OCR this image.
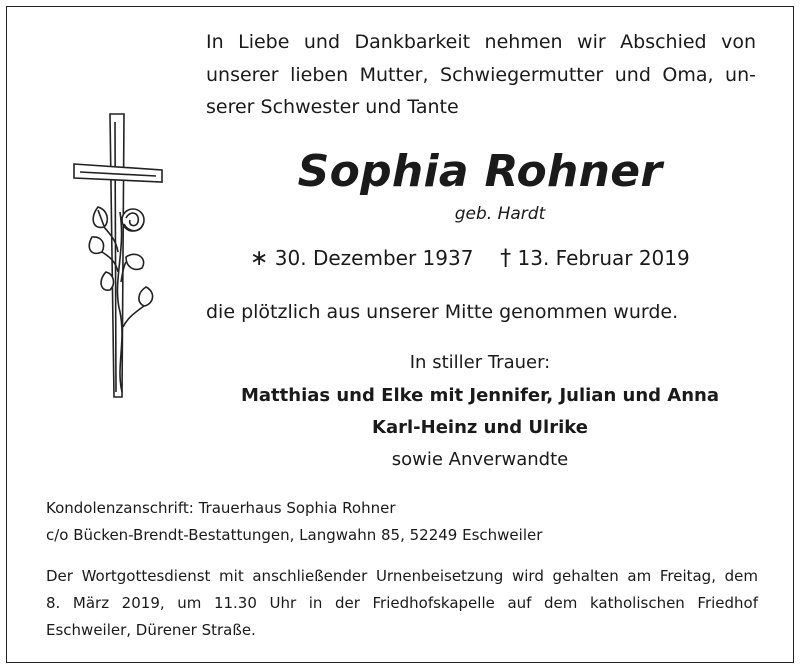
In Liebe und Dankbarkeit nehmen wir Abschied von
unserer lieben Mutter, Schwiegermutter und Oma, un-
serer Schwester und Tante
Sophia Rohner
geb. Hardt
∗ 30. Dezember 1937 † 13. Februar 2019
die plötzlich aus unserer Mitte genommen wurde.
In stiller Trauer:
Matthias und Elke mit Jennifer, Julian und Anna
Karl-Heinz und Ulrike
sowie Anverwandte
Kondolenzanschrift: Trauerhaus Sophia Rohner
c/o Bücken-Brendt-Bestattungen, Langwahn 85, 52249 Eschweiler
Der Wortgottesdienst mit anschließender Urnenbeisetzung wird gehalten am Freitag, dem
8. März 2019, um 11.30 Uhr in der Friedhofskapelle auf dem katholischen Friedhof
Eschweiler, Dürener Straße.
